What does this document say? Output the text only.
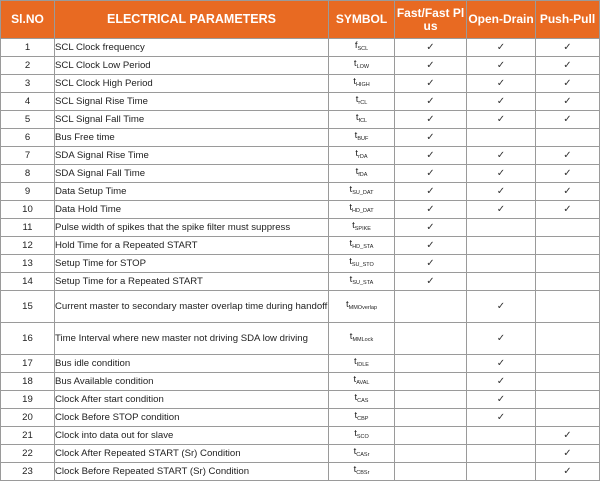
Sl.NO	ELECTRICAL PARAMETERS	SYMBOL	Fast/Fast Plus	Open-Drain	Push-Pull
1	SCL Clock frequency	$f_{SCL}$	✓	✓	✓
2	SCL Clock Low Period	$t_{LOW}$	✓	✓	✓
3	SCL Clock High Period	$t_{HIGH}$	✓	✓	✓
4	SCL Signal Rise Time	$t_{rCL}$	✓	✓	✓
5	SCL Signal Fall Time	$t_{fCL}$	✓	✓	✓
6	Bus Free time	$t_{BUF}$	✓		
7	SDA Signal Rise Time	$t_{rDA}$	✓	✓	✓
8	SDA Signal Fall Time	$t_{fDA}$	✓	✓	✓
9	Data Setup Time	$t_{SU\_DAT}$	✓	✓	✓
10	Data Hold Time	$t_{HD\_DAT}$	✓	✓	✓
11	Pulse width of spikes that the spike filter must suppress	$t_{SPIKE}$	✓		
12	Hold Time for a Repeated START	$t_{HD\_STA}$	✓		
13	Setup Time for STOP	$t_{SU\_STO}$	✓		
14	Setup Time for a Repeated START	$t_{SU\_STA}$	✓		
15	Current master to secondary master overlap time during handoff	$t_{MMOverlap}$		✓	
16	Time Interval where new master not driving SDA low driving	$t_{MMLock}$		✓	
17	Bus idle condition	$t_{IDLE}$		✓	
18	Bus Available condition	$t_{AVAL}$		✓	
19	Clock After start condition	$t_{CAS}$		✓	
20	Clock Before STOP condition	$t_{CBP}$		✓	
21	Clock into data out for slave	$t_{SCO}$			✓
22	Clock After Repeated START (Sr) Condition	$t_{CASr}$			✓
23	Clock Before Repeated START (Sr) Condition	$t_{CBSr}$			✓
